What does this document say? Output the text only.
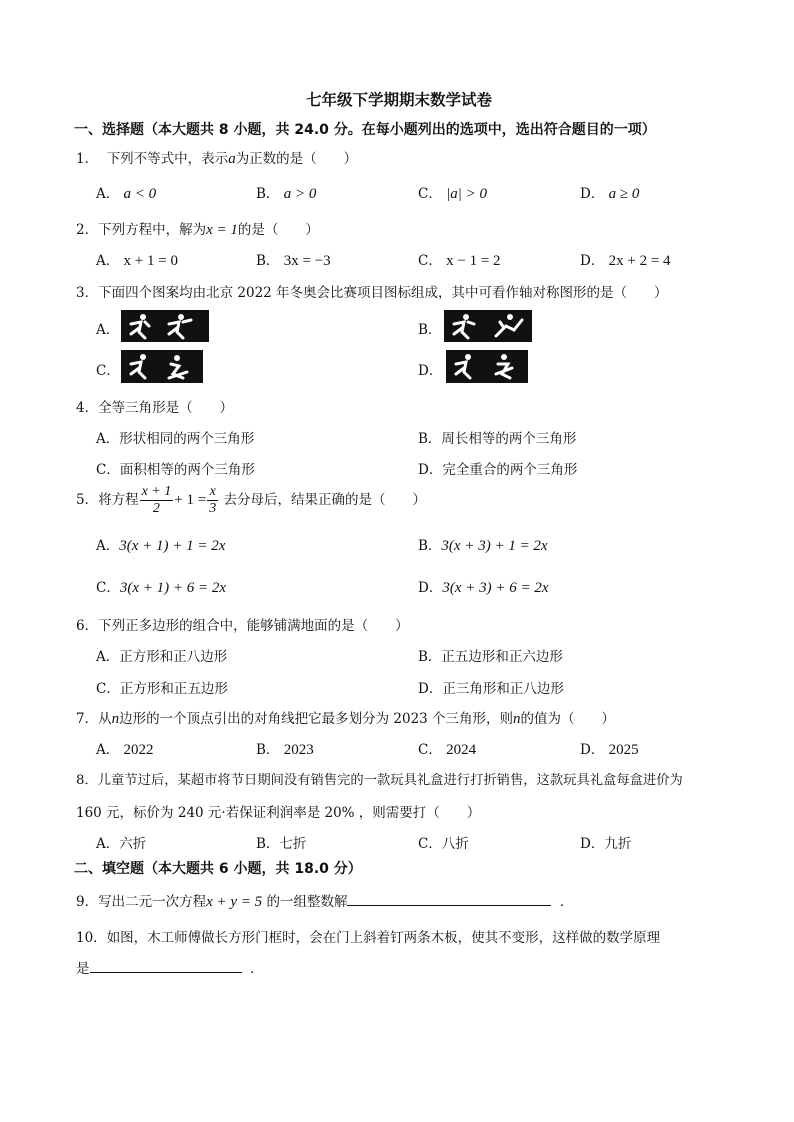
七年级下学期期末数学试卷
一、选择题（本大题共 8 小题，共 24.0 分。在每小题列出的选项中，选出符合题目的一项）
1． 下列不等式中，表示a为正数的是（　　）
A． a < 0	B． a > 0	C． |a| > 0	D． a ≥ 0
2．下列方程中，解为x = 1的是（　　）
A． x + 1 = 0	B． 3x = −3	C． x − 1 = 2	D． 2x + 2 = 4
3．下面四个图案均由北京 2022 年冬奥会比赛项目图标组成，其中可看作轴对称图形的是（　　）
A．	B．
C．	D．
4．全等三角形是（　　）
A．形状相同的两个三角形	B．周长相等的两个三角形
C．面积相等的两个三角形	D．完全重合的两个三角形
5．将方程 $\frac{x + 1}{2} + 1 = \frac{x}{3}$ 去分母后，结果正确的是（　　）
A．3(x + 1) + 1 = 2x	B．3(x + 3) + 1 = 2x
C．3(x + 1) + 6 = 2x	D．3(x + 3) + 6 = 2x
6．下列正多边形的组合中，能够铺满地面的是（　　）
A．正方形和正八边形	B．正五边形和正六边形
C．正方形和正五边形	D．正三角形和正八边形
7．从n边形的一个顶点引出的对角线把它最多划分为 2023 个三角形，则n的值为（　　）
A． 2022	B． 2023	C． 2024	D． 2025
8．儿童节过后，某超市将节日期间没有销售完的一款玩具礼盒进行打折销售，这款玩具礼盒每盒进价为
160 元，标价为 240 元·若保证利润率是 20% ，则需要打（　　）
A．六折	B．七折	C．八折	D．九折
二、填空题（本大题共 6 小题，共 18.0 分）
9．写出二元一次方程x + y = 5 的一组整数解	．
10．如图，木工师傅做长方形门框时，会在门上斜着钉两条木板，使其不变形，这样做的数学原理
是	．
